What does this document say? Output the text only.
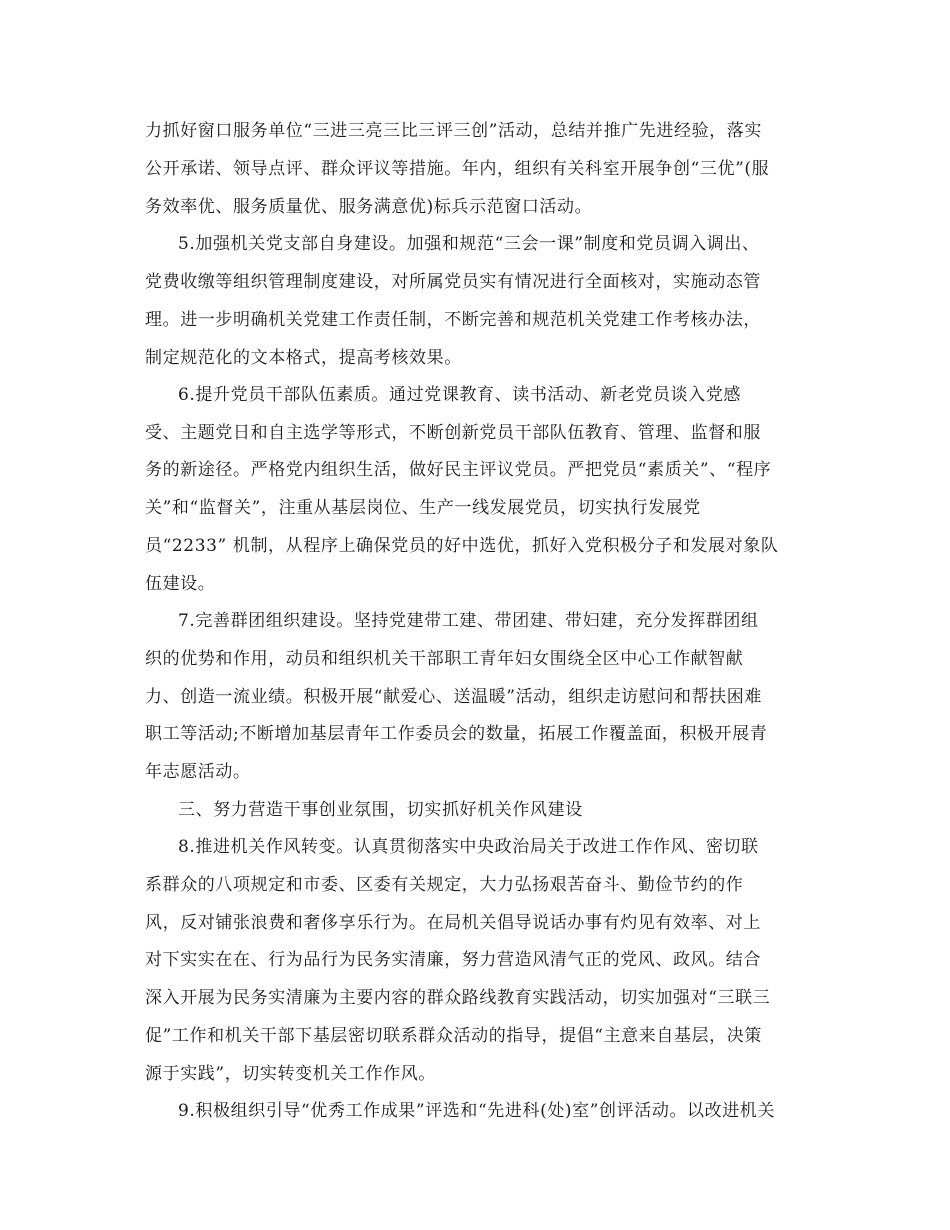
力抓好窗口服务单位“三进三亮三比三评三创”活动，总结并推广先进经验，落实
公开承诺、领导点评、群众评议等措施。年内，组织有关科室开展争创“三优”(服
务效率优、服务质量优、服务满意优)标兵示范窗口活动。
5.加强机关党支部自身建设。加强和规范“三会一课”制度和党员调入调出、
党费收缴等组织管理制度建设，对所属党员实有情况进行全面核对，实施动态管
理。进一步明确机关党建工作责任制，不断完善和规范机关党建工作考核办法，
制定规范化的文本格式，提高考核效果。
6.提升党员干部队伍素质。通过党课教育、读书活动、新老党员谈入党感
受、主题党日和自主选学等形式，不断创新党员干部队伍教育、管理、监督和服
务的新途径。严格党内组织生活，做好民主评议党员。严把党员“素质关”、“程序
关”和“监督关”，注重从基层岗位、生产一线发展党员，切实执行发展党
员“2233” 机制，从程序上确保党员的好中选优，抓好入党积极分子和发展对象队
伍建设。
7.完善群团组织建设。坚持党建带工建、带团建、带妇建，充分发挥群团组
织的优势和作用，动员和组织机关干部职工青年妇女围绕全区中心工作献智献
力、创造一流业绩。积极开展“献爱心、送温暖”活动，组织走访慰问和帮扶困难
职工等活动;不断增加基层青年工作委员会的数量，拓展工作覆盖面，积极开展青
年志愿活动。
三、努力营造干事创业氛围，切实抓好机关作风建设
8.推进机关作风转变。认真贯彻落实中央政治局关于改进工作作风、密切联
系群众的八项规定和市委、区委有关规定，大力弘扬艰苦奋斗、勤俭节约的作
风，反对铺张浪费和奢侈享乐行为。在局机关倡导说话办事有灼见有效率、对上
对下实实在在、行为品行为民务实清廉，努力营造风清气正的党风、政风。结合
深入开展为民务实清廉为主要内容的群众路线教育实践活动，切实加强对“三联三
促”工作和机关干部下基层密切联系群众活动的指导，提倡“主意来自基层，决策
源于实践”，切实转变机关工作作风。
9.积极组织引导“优秀工作成果”评选和“先进科(处)室”创评活动。以改进机关
